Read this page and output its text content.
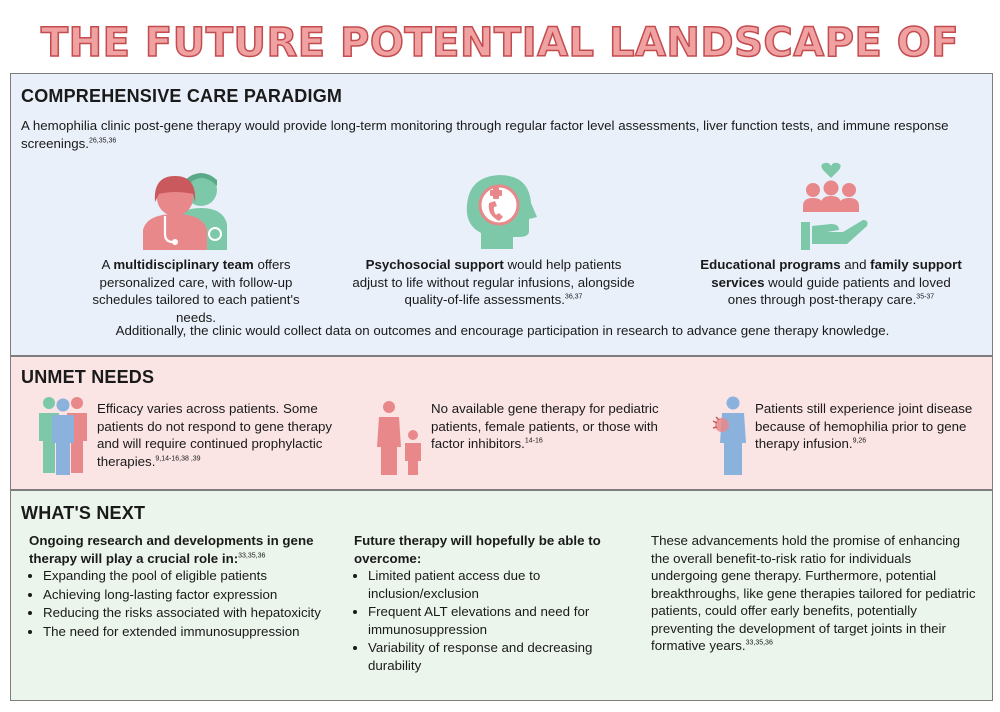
THE FUTURE POTENTIAL LANDSCAPE OF
COMPREHENSIVE CARE PARADIGM
A hemophilia clinic post-gene therapy would provide long-term monitoring through regular factor level assessments, liver function tests, and immune response screenings.$^{26,35,36}$
A multidisciplinary team offers personalized care, with follow-up schedules tailored to each patient's needs.
Psychosocial support would help patients adjust to life without regular infusions, alongside quality-of-life assessments.$^{36,37}$
Educational programs and family support services would guide patients and loved ones through post-therapy care.$^{35-37}$
Additionally, the clinic would collect data on outcomes and encourage participation in research to advance gene therapy knowledge.
UNMET NEEDS
Efficacy varies across patients. Some patients do not respond to gene therapy and will require continued prophylactic therapies.$^{9,14-16,38 ,39}$
No available gene therapy for pediatric patients, female patients, or those with factor inhibitors.$^{14-16}$
Patients still experience joint disease because of hemophilia prior to gene therapy infusion.$^{9,26}$
WHAT'S NEXT
Ongoing research and developments in gene therapy will play a crucial role in:$^{33,35,36}$
• Expanding the pool of eligible patients
• Achieving long-lasting factor expression
• Reducing the risks associated with hepatoxicity
• The need for extended immunosuppression
Future therapy will hopefully be able to overcome:
• Limited patient access due to inclusion/exclusion
• Frequent ALT elevations and need for immunosuppression
• Variability of response and decreasing durability
These advancements hold the promise of enhancing the overall benefit-to-risk ratio for individuals undergoing gene therapy. Furthermore, potential breakthroughs, like gene therapies tailored for pediatric patients, could offer early benefits, potentially preventing the development of target joints in their formative years.$^{33,35,36}$
